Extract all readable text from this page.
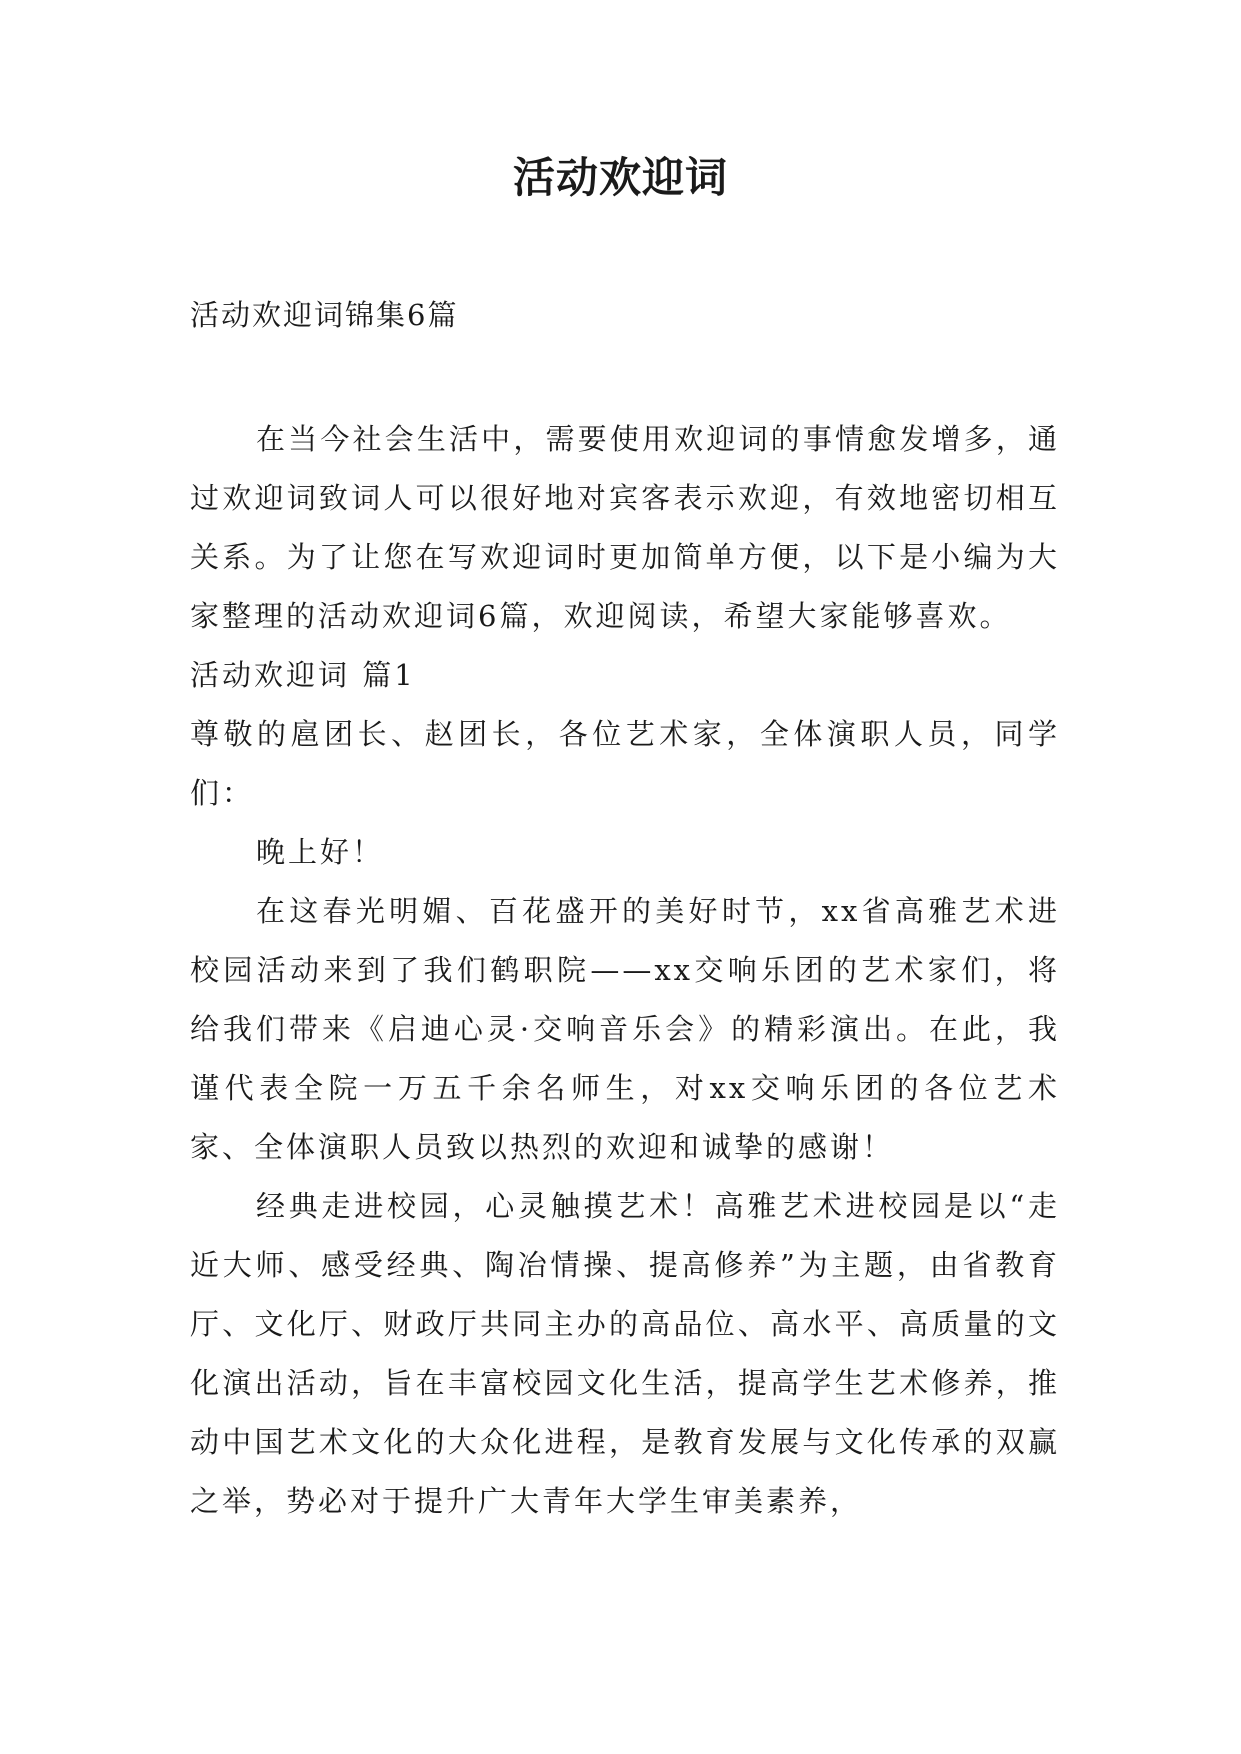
活动欢迎词
活动欢迎词锦集6篇

在当今社会生活中，需要使用欢迎词的事情愈发增多，通过欢迎词致词人可以很好地对宾客表示欢迎，有效地密切相互关系。为了让您在写欢迎词时更加简单方便，以下是小编为大家整理的活动欢迎词6篇，欢迎阅读，希望大家能够喜欢。

活动欢迎词 篇1

尊敬的扈团长、赵团长，各位艺术家，全体演职人员，同学们：

晚上好！

在这春光明媚、百花盛开的美好时节，xx省高雅艺术进校园活动来到了我们鹤职院——xx交响乐团的艺术家们，将给我们带来《启迪心灵·交响音乐会》的精彩演出。在此，我谨代表全院一万五千余名师生，对xx交响乐团的各位艺术家、全体演职人员致以热烈的欢迎和诚挚的感谢！

经典走进校园，心灵触摸艺术！高雅艺术进校园是以“走近大师、感受经典、陶冶情操、提高修养”为主题，由省教育厅、文化厅、财政厅共同主办的高品位、高水平、高质量的文化演出活动，旨在丰富校园文化生活，提高学生艺术修养，推动中国艺术文化的大众化进程，是教育发展与文化传承的双赢之举，势必对于提升广大青年大学生审美素养，
